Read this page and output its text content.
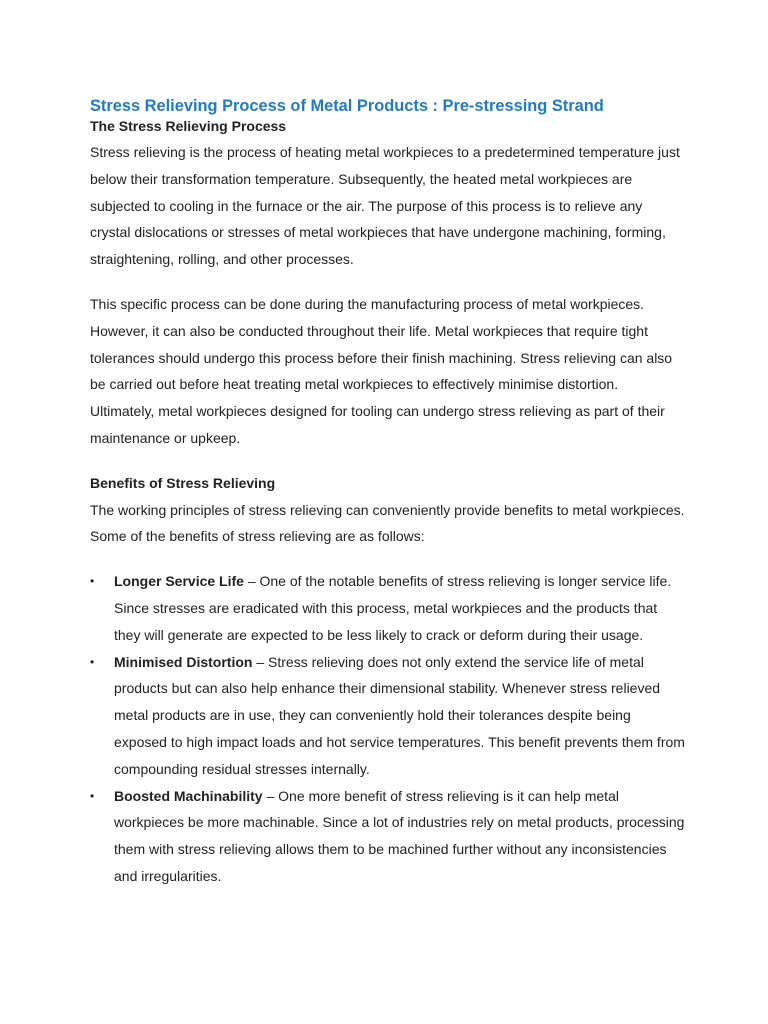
Stress Relieving Process of Metal Products : Pre-stressing Strand
The Stress Relieving Process

Stress relieving is the process of heating metal workpieces to a predetermined temperature just below their transformation temperature. Subsequently, the heated metal workpieces are subjected to cooling in the furnace or the air. The purpose of this process is to relieve any crystal dislocations or stresses of metal workpieces that have undergone machining, forming, straightening, rolling, and other processes.

This specific process can be done during the manufacturing process of metal workpieces. However, it can also be conducted throughout their life. Metal workpieces that require tight tolerances should undergo this process before their finish machining. Stress relieving can also be carried out before heat treating metal workpieces to effectively minimise distortion. Ultimately, metal workpieces designed for tooling can undergo stress relieving as part of their maintenance or upkeep.

Benefits of Stress Relieving

The working principles of stress relieving can conveniently provide benefits to metal workpieces. Some of the benefits of stress relieving are as follows:

• Longer Service Life – One of the notable benefits of stress relieving is longer service life. Since stresses are eradicated with this process, metal workpieces and the products that they will generate are expected to be less likely to crack or deform during their usage.
• Minimised Distortion – Stress relieving does not only extend the service life of metal products but can also help enhance their dimensional stability. Whenever stress relieved metal products are in use, they can conveniently hold their tolerances despite being exposed to high impact loads and hot service temperatures. This benefit prevents them from compounding residual stresses internally.
• Boosted Machinability – One more benefit of stress relieving is it can help metal workpieces be more machinable. Since a lot of industries rely on metal products, processing them with stress relieving allows them to be machined further without any inconsistencies and irregularities.
